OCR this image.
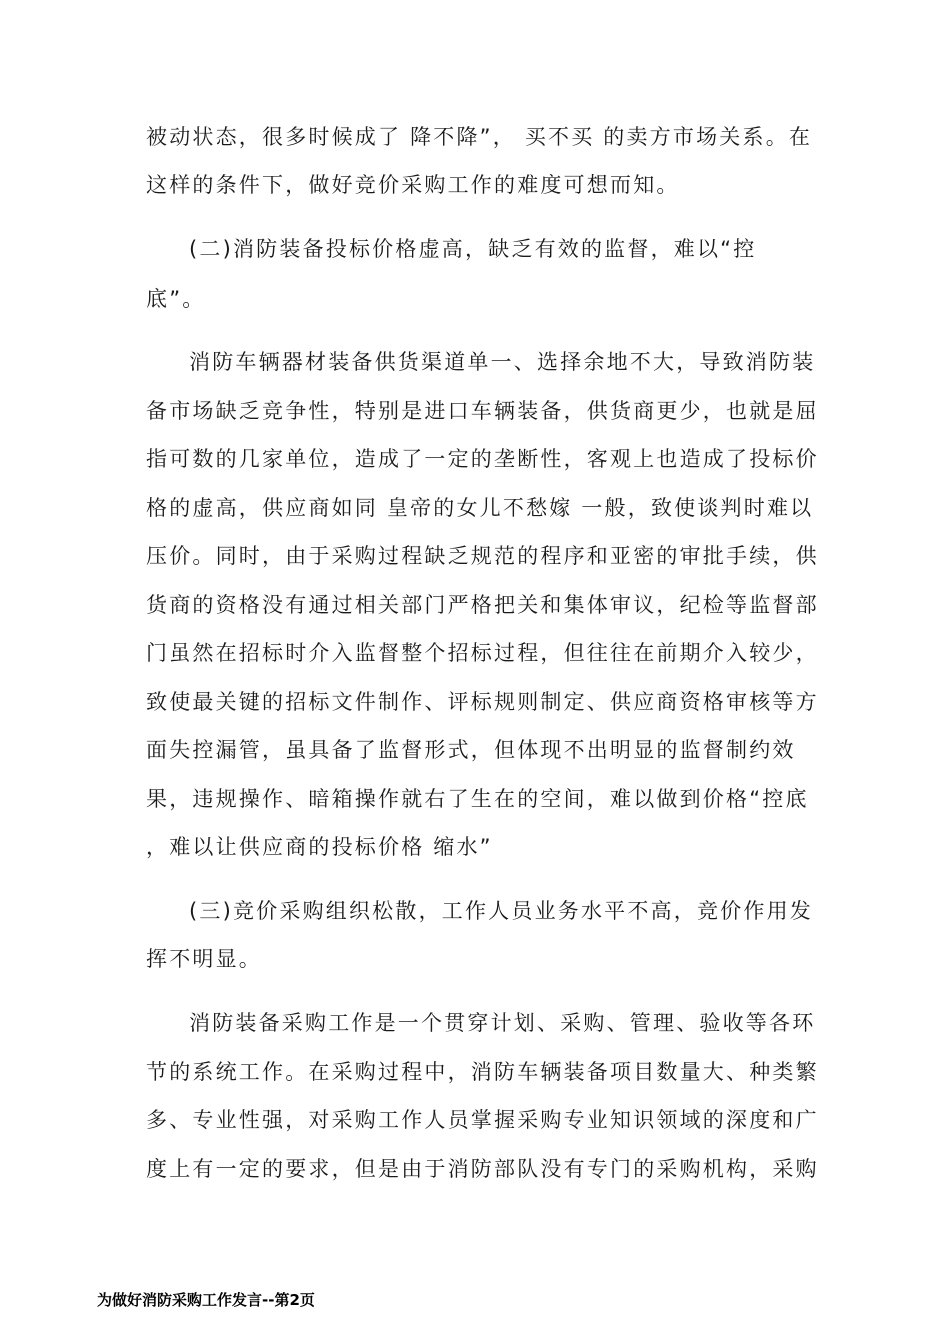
被动状态，很多时候成了 降不降”， 买不买 的卖方市场关系。在
这样的条件下，做好竞价采购工作的难度可想而知。
(二)消防装备投标价格虚高，缺乏有效的监督，难以“控
底”。
消防车辆器材装备供货渠道单一、选择余地不大，导致消防装
备市场缺乏竞争性，特别是进口车辆装备，供货商更少，也就是屈
指可数的几家单位，造成了一定的垄断性，客观上也造成了投标价
格的虚高，供应商如同 皇帝的女儿不愁嫁 一般，致使谈判时难以
压价。同时，由于采购过程缺乏规范的程序和亚密的审批手续，供
货商的资格没有通过相关部门严格把关和集体审议，纪检等监督部
门虽然在招标时介入监督整个招标过程，但往往在前期介入较少，
致使最关键的招标文件制作、评标规则制定、供应商资格审核等方
面失控漏管，虽具备了监督形式，但体现不出明显的监督制约效
果，违规操作、暗箱操作就右了生在的空间，难以做到价格“控底
，难以让供应商的投标价格 缩水”
(三)竞价采购组织松散，工作人员业务水平不高，竞价作用发
挥不明显。
消防装备采购工作是一个贯穿计划、采购、管理、验收等各环
节的系统工作。在采购过程中，消防车辆装备项目数量大、种类繁
多、专业性强，对采购工作人员掌握采购专业知识领域的深度和广
度上有一定的要求，但是由于消防部队没有专门的采购机构，采购
为做好消防采购工作发言--第2页
